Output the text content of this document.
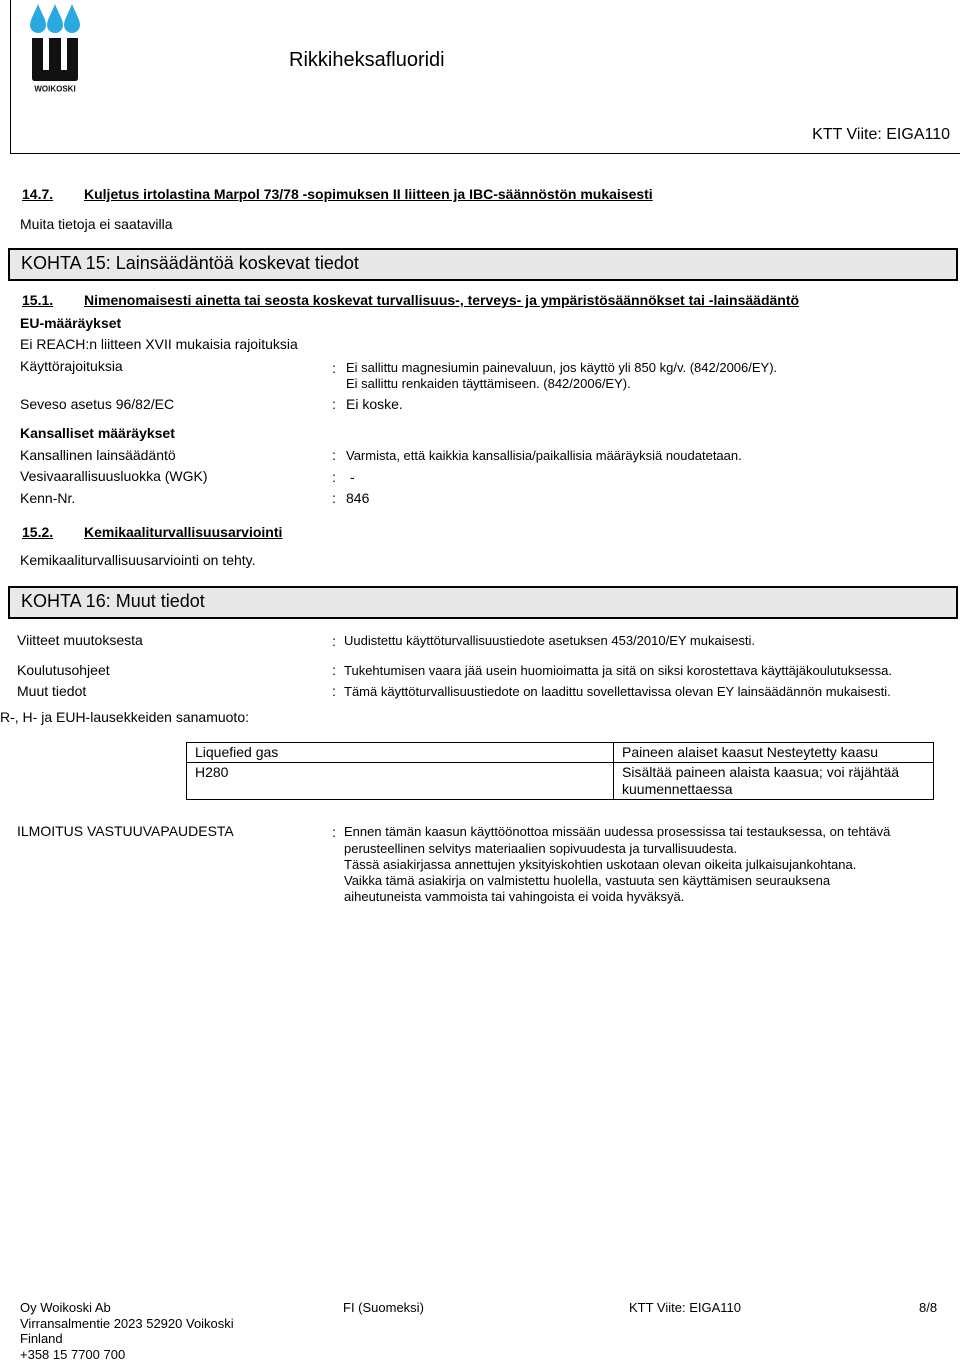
WOIKOSKI
Rikkiheksafluoridi
KTT Viite: EIGA110
14.7. Kuljetus irtolastina Marpol 73/78 -sopimuksen II liitteen ja IBC-säännöstön mukaisesti
Muita tietoja ei saatavilla
KOHTA 15: Lainsäädäntöä koskevat tiedot
15.1. Nimenomaisesti ainetta tai seosta koskevat turvallisuus-, terveys- ja ympäristösäännökset tai -lainsäädäntö
EU-määräykset
Ei REACH:n liitteen XVII mukaisia rajoituksia
Käyttörajoituksia	: Ei sallittu magnesiumin painevaluun, jos käyttö yli 850 kg/v. (842/2006/EY).
Ei sallittu renkaiden täyttämiseen. (842/2006/EY).
Seveso asetus 96/82/EC	: Ei koske.
Kansalliset määräykset
Kansallinen lainsäädäntö	: Varmista, että kaikkia kansallisia/paikallisia määräyksiä noudatetaan.
Vesivaarallisuusluokka (WGK)	: -
Kenn-Nr.	: 846
15.2. Kemikaaliturvallisuusarviointi
Kemikaaliturvallisuusarviointi on tehty.
KOHTA 16: Muut tiedot
Viitteet muutoksesta	: Uudistettu käyttöturvallisuustiedote asetuksen 453/2010/EY mukaisesti.
Koulutusohjeet	: Tukehtumisen vaara jää usein huomioimatta ja sitä on siksi korostettava käyttäjäkoulutuksessa.
Muut tiedot	: Tämä käyttöturvallisuustiedote on laadittu sovellettavissa olevan EY lainsäädännön mukaisesti.
R-, H- ja EUH-lausekkeiden sanamuoto:
Liquefied gas	Paineen alaiset kaasut Nesteytetty kaasu
H280	Sisältää paineen alaista kaasua; voi räjähtää
kuumennettaessa
ILMOITUS VASTUUVAPAUDESTA	: Ennen tämän kaasun käyttöönottoa missään uudessa prosessissa tai testauksessa, on tehtävä
perusteellinen selvitys materiaalien sopivuudesta ja turvallisuudesta.
Tässä asiakirjassa annettujen yksityiskohtien uskotaan olevan oikeita julkaisujankohtana.
Vaikka tämä asiakirja on valmistettu huolella, vastuuta sen käyttämisen seurauksena
aiheutuneista vammoista tai vahingoista ei voida hyväksyä.
Oy Woikoski Ab
Virransalmentie 2023 52920 Voikoski
Finland
+358 15 7700 700
FI (Suomeksi)	KTT Viite: EIGA110	8/8
